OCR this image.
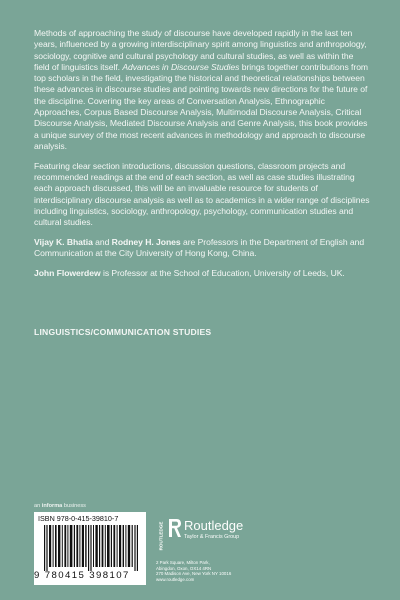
Methods of approaching the study of discourse have developed rapidly in the last ten years, influenced by a growing interdisciplinary spirit among linguistics and anthropology, sociology, cognitive and cultural psychology and cultural studies, as well as within the field of linguistics itself. Advances in Discourse Studies brings together contributions from top scholars in the field, investigating the historical and theoretical relationships between these advances in discourse studies and pointing towards new directions for the future of the discipline. Covering the key areas of Conversation Analysis, Ethnographic Approaches, Corpus Based Discourse Analysis, Multimodal Discourse Analysis, Critical Discourse Analysis, Mediated Discourse Analysis and Genre Analysis, this book provides a unique survey of the most recent advances in methodology and approach to discourse analysis.

Featuring clear section introductions, discussion questions, classroom projects and recommended readings at the end of each section, as well as case studies illustrating each approach discussed, this will be an invaluable resource for students of interdisciplinary discourse analysis as well as to academics in a wider range of disciplines including linguistics, sociology, anthropology, psychology, communication studies and cultural studies.

Vijay K. Bhatia and Rodney H. Jones are Professors in the Department of English and Communication at the City University of Hong Kong, China.

John Flowerdew is Professor at the School of Education, University of Leeds, UK.

LINGUISTICS/COMMUNICATION STUDIES
an informa business
ISBN 978-0-415-39810-7
9 780415 398107
ROUTLEDGE Routledge
Taylor & Francis Group
2 Park Square, Milton Park,
Abingdon, Oxon, OX14 4RN
270 Madison Ave, New York NY 10016
www.routledge.com
